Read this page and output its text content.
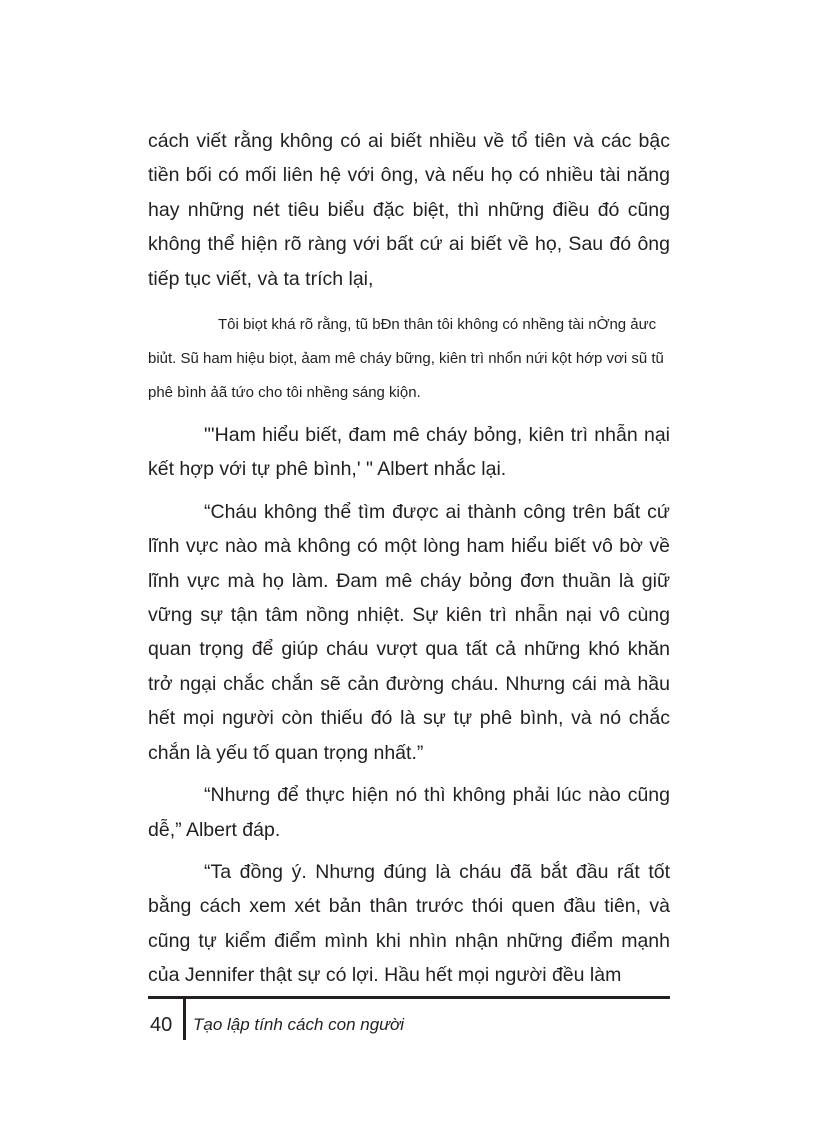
cách viết rằng không có ai biết nhiều về tổ tiên và các bậc tiền bối có mối liên hệ với ông, và nếu họ có nhiều tài năng hay những nét tiêu biểu đặc biệt, thì những điều đó cũng không thể hiện rõ ràng với bất cứ ai biết về họ, Sau đó ông tiếp tục viết, và ta trích lại,

Tôi biọt khá rõ rằng, tũ bĐn thân tôi không có nhềng tài nỜng ảưc biủt. Sũ ham hiệu biọt, ảam mê cháy bững, kiên trì nhổn nứi kột hớp vơi sũ tũ phê bình ảã tứo cho tôi nhềng sáng kiộn.

"'Ham hiểu biết, đam mê cháy bỏng, kiên trì nhẫn nại kết hợp với tự phê bình,' " Albert nhắc lại.

“Cháu không thể tìm được ai thành công trên bất cứ lĩnh vực nào mà không có một lòng ham hiểu biết vô bờ về lĩnh vực mà họ làm. Đam mê cháy bỏng đơn thuần là giữ vững sự tận tâm nồng nhiệt. Sự kiên trì nhẫn nại vô cùng quan trọng để giúp cháu vượt qua tất cả những khó khăn trở ngại chắc chắn sẽ cản đường cháu. Nhưng cái mà hầu hết mọi người còn thiếu đó là sự tự phê bình, và nó chắc chắn là yếu tố quan trọng nhất.”

“Nhưng để thực hiện nó thì không phải lúc nào cũng dễ,” Albert đáp.

“Ta đồng ý. Nhưng đúng là cháu đã bắt đầu rất tốt bằng cách xem xét bản thân trước thói quen đầu tiên, và cũng tự kiểm điểm mình khi nhìn nhận những điểm mạnh của Jennifer thật sự có lợi. Hầu hết mọi người đều làm

40 Tạo lập tính cách con người
